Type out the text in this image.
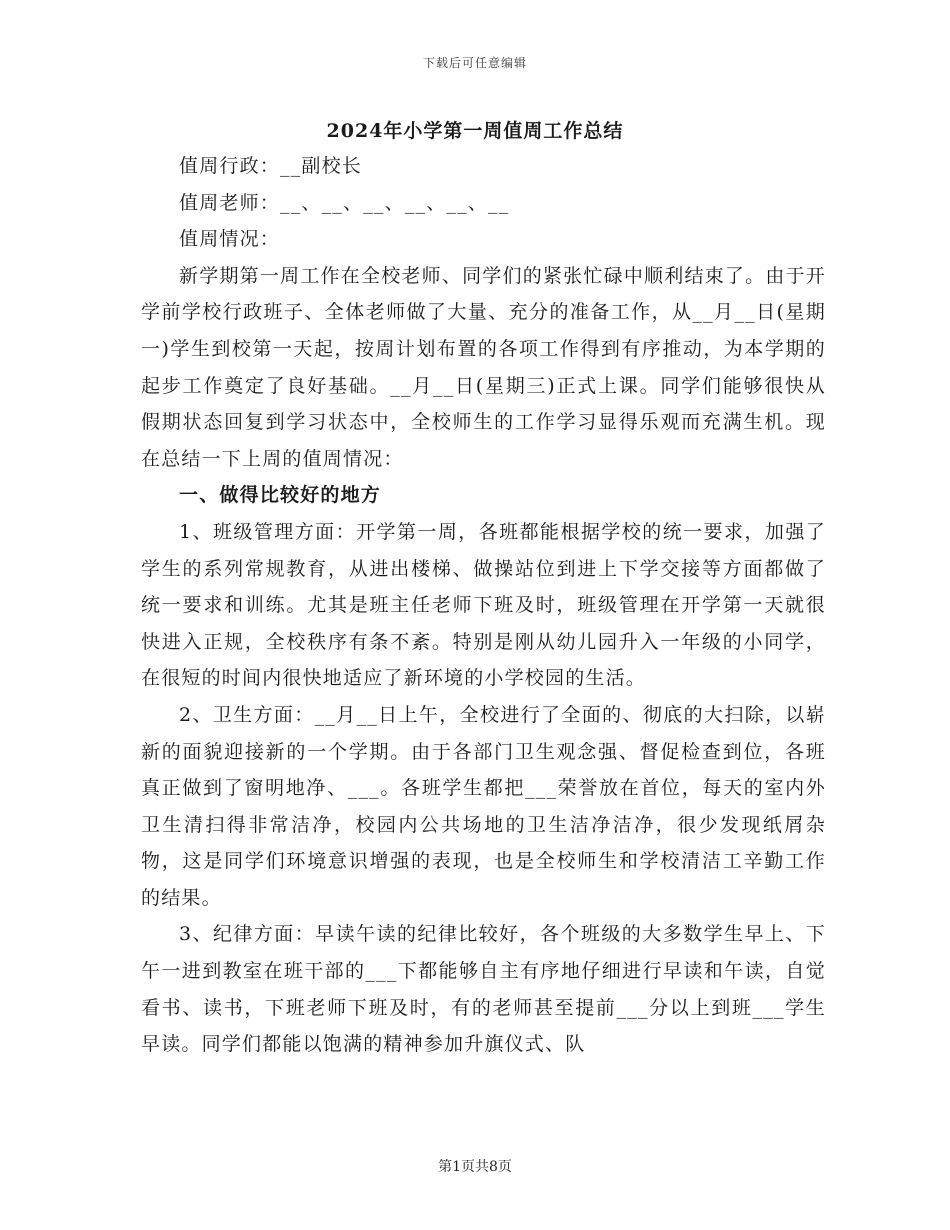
下载后可任意编辑
2024年小学第一周值周工作总结

值周行政：__副校长

值周老师：__、__、__、__、__、__

值周情况：

新学期第一周工作在全校老师、同学们的紧张忙碌中顺利结束了。由于开学前学校行政班子、全体老师做了大量、充分的准备工作，从__月__日(星期一)学生到校第一天起，按周计划布置的各项工作得到有序推动，为本学期的起步工作奠定了良好基础。__月__日(星期三)正式上课。同学们能够很快从假期状态回复到学习状态中，全校师生的工作学习显得乐观而充满生机。现在总结一下上周的值周情况：

一、做得比较好的地方

1、班级管理方面：开学第一周，各班都能根据学校的统一要求，加强了学生的系列常规教育，从进出楼梯、做操站位到进上下学交接等方面都做了统一要求和训练。尤其是班主任老师下班及时，班级管理在开学第一天就很快进入正规，全校秩序有条不紊。特别是刚从幼儿园升入一年级的小同学，在很短的时间内很快地适应了新环境的小学校园的生活。

2、卫生方面：__月__日上午，全校进行了全面的、彻底的大扫除，以崭新的面貌迎接新的一个学期。由于各部门卫生观念强、督促检查到位，各班真正做到了窗明地净、___。各班学生都把___荣誉放在首位，每天的室内外卫生清扫得非常洁净，校园内公共场地的卫生洁净洁净，很少发现纸屑杂物，这是同学们环境意识增强的表现，也是全校师生和学校清洁工辛勤工作的结果。

3、纪律方面：早读午读的纪律比较好，各个班级的大多数学生早上、下午一进到教室在班干部的___下都能够自主有序地仔细进行早读和午读，自觉看书、读书，下班老师下班及时，有的老师甚至提前___分以上到班___学生早读。同学们都能以饱满的精神参加升旗仪式、队

第1页共8页
